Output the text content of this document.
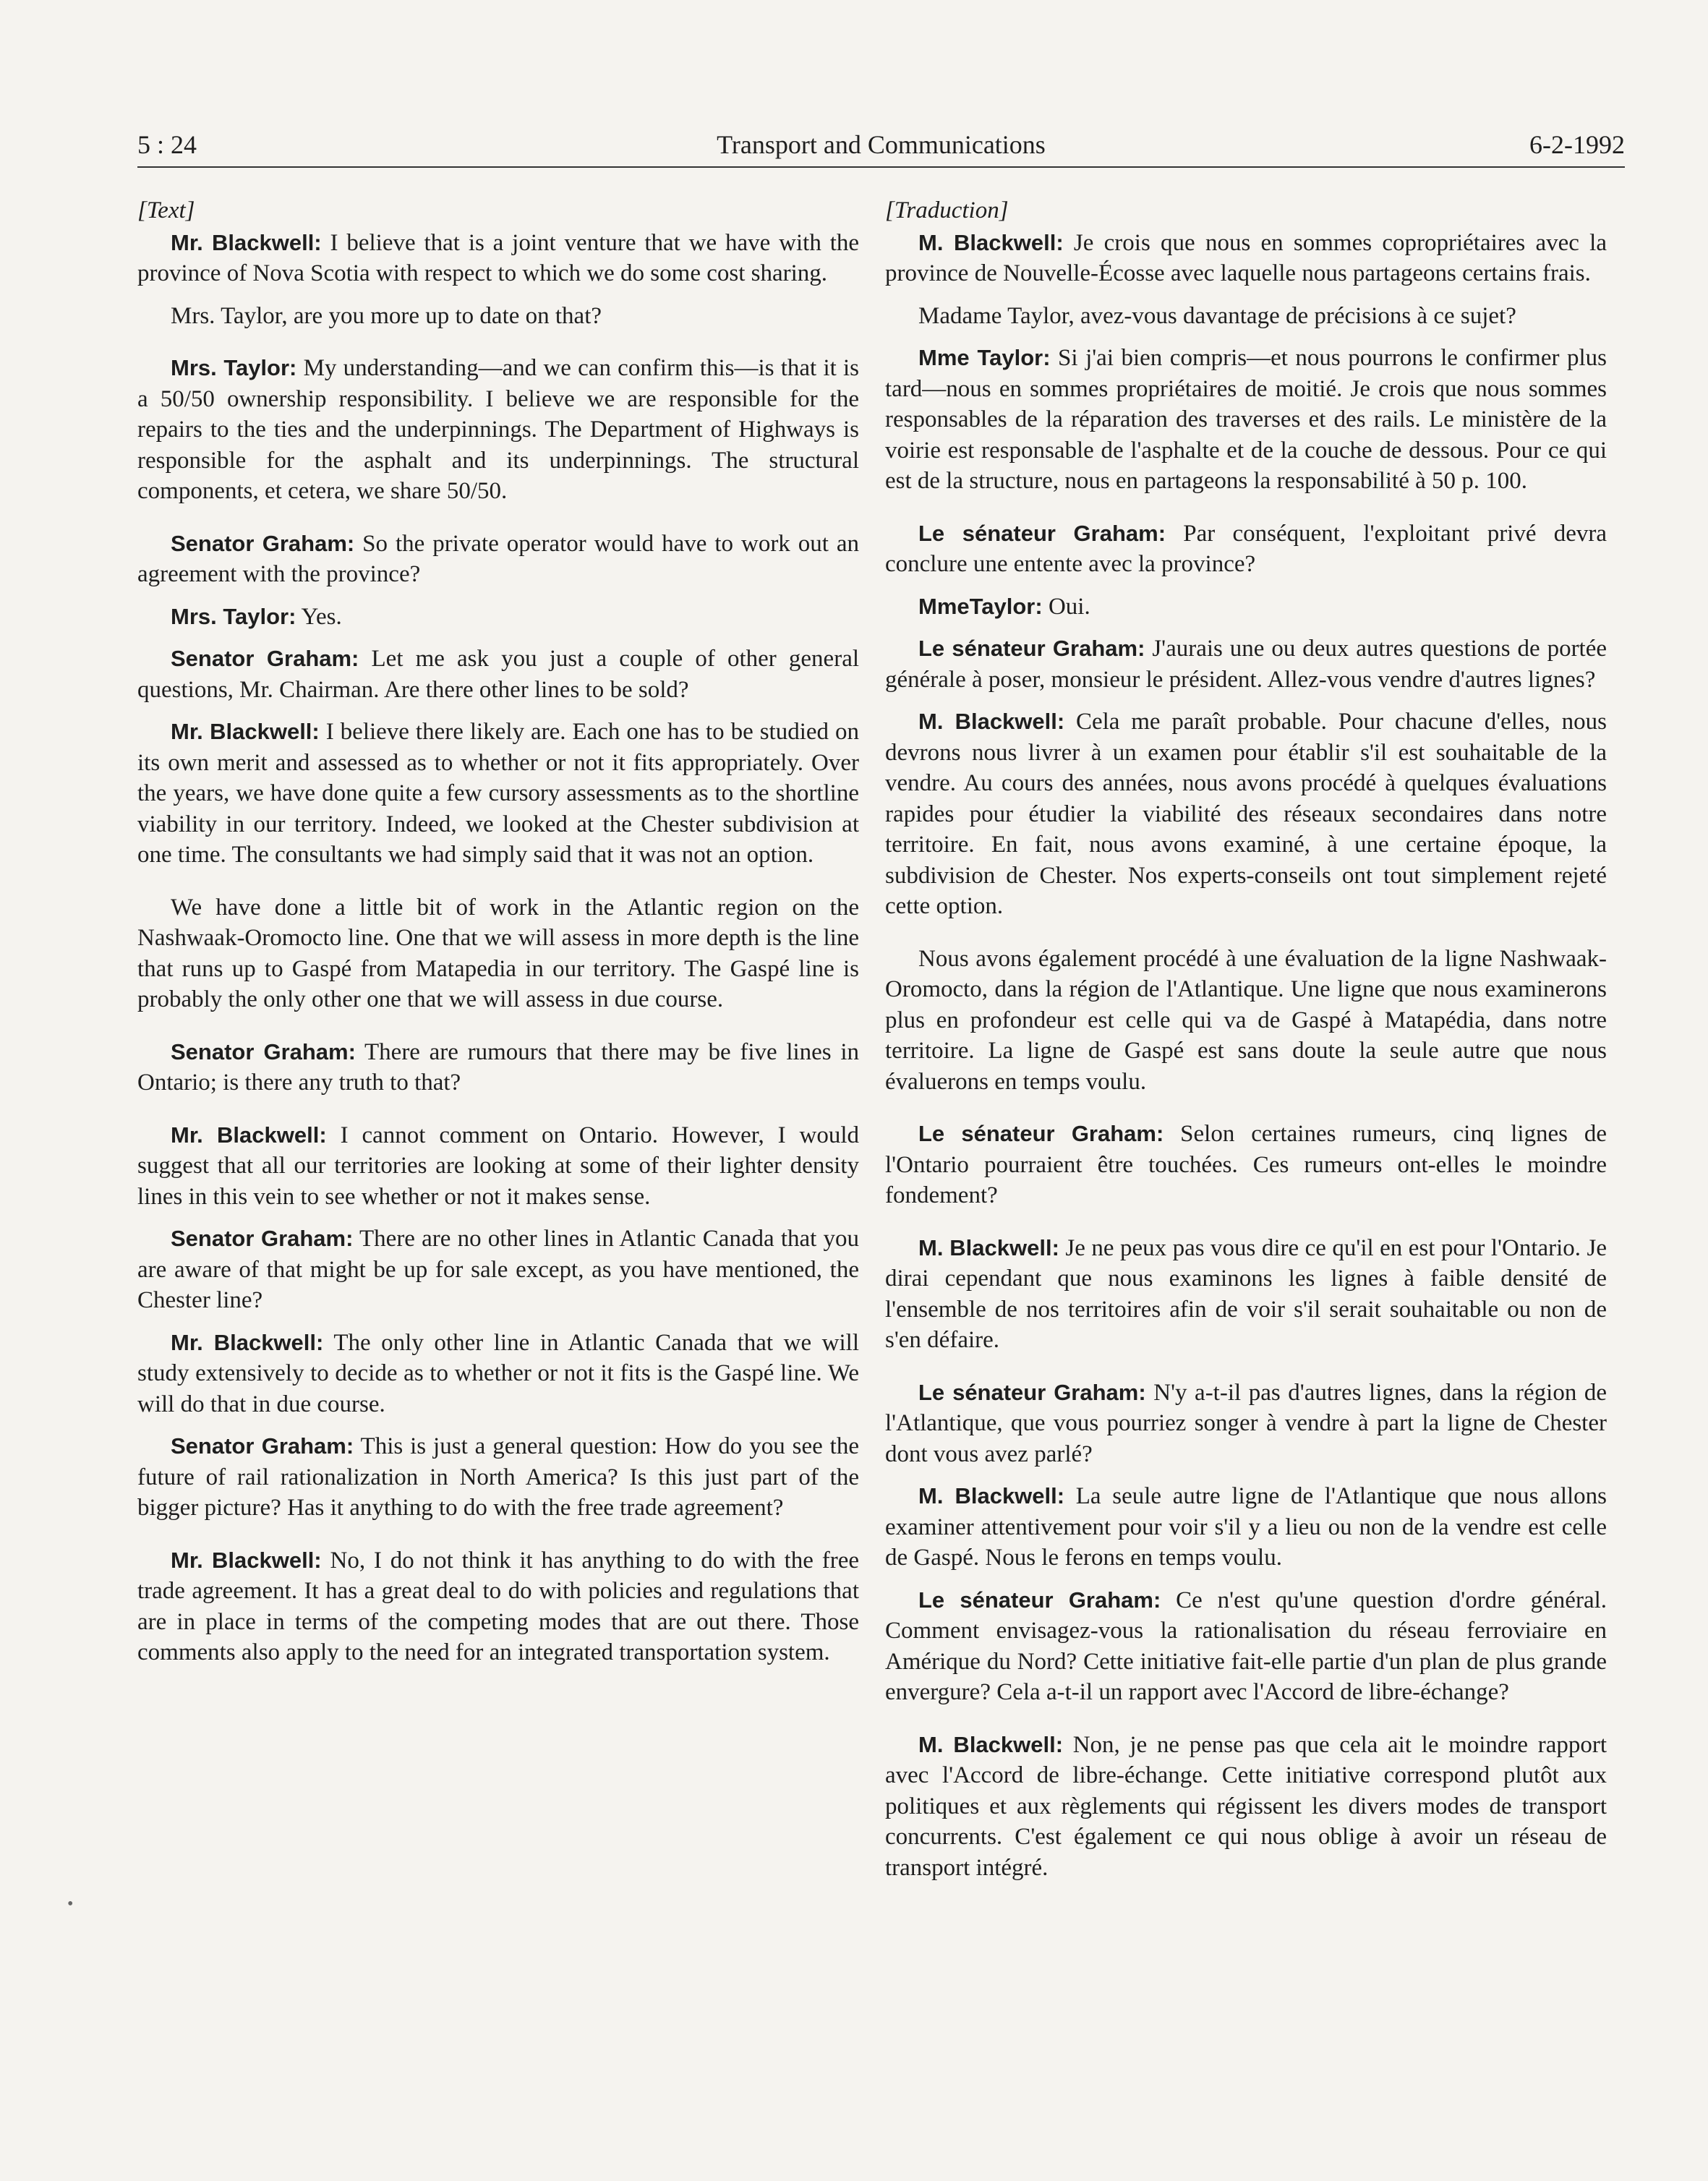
5 : 24	Transport and Communications	6-2-1992
[Text]

Mr. Blackwell: I believe that is a joint venture that we have with the province of Nova Scotia with respect to which we do some cost sharing.

Mrs. Taylor, are you more up to date on that?

Mrs. Taylor: My understanding—and we can confirm this—is that it is a 50/50 ownership responsibility. I believe we are responsible for the repairs to the ties and the underpinnings. The Department of Highways is responsible for the asphalt and its underpinnings. The structural components, et cetera, we share 50/50.

Senator Graham: So the private operator would have to work out an agreement with the province?

Mrs. Taylor: Yes.

Senator Graham: Let me ask you just a couple of other general questions, Mr. Chairman. Are there other lines to be sold?

Mr. Blackwell: I believe there likely are. Each one has to be studied on its own merit and assessed as to whether or not it fits appropriately. Over the years, we have done quite a few cursory assessments as to the shortline viability in our territory. Indeed, we looked at the Chester subdivision at one time. The consultants we had simply said that it was not an option.

We have done a little bit of work in the Atlantic region on the Nashwaak-Oromocto line. One that we will assess in more depth is the line that runs up to Gaspé from Matapedia in our territory. The Gaspé line is probably the only other one that we will assess in due course.

Senator Graham: There are rumours that there may be five lines in Ontario; is there any truth to that?

Mr. Blackwell: I cannot comment on Ontario. However, I would suggest that all our territories are looking at some of their lighter density lines in this vein to see whether or not it makes sense.

Senator Graham: There are no other lines in Atlantic Canada that you are aware of that might be up for sale except, as you have mentioned, the Chester line?

Mr. Blackwell: The only other line in Atlantic Canada that we will study extensively to decide as to whether or not it fits is the Gaspé line. We will do that in due course.

Senator Graham: This is just a general question: How do you see the future of rail rationalization in North America? Is this just part of the bigger picture? Has it anything to do with the free trade agreement?

Mr. Blackwell: No, I do not think it has anything to do with the free trade agreement. It has a great deal to do with policies and regulations that are in place in terms of the competing modes that are out there. Those comments also apply to the need for an integrated transportation system.

[Traduction]

M. Blackwell: Je crois que nous en sommes copropriétaires avec la province de Nouvelle-Écosse avec laquelle nous partageons certains frais.

Madame Taylor, avez-vous davantage de précisions à ce sujet?

Mme Taylor: Si j'ai bien compris—et nous pourrons le confirmer plus tard—nous en sommes propriétaires de moitié. Je crois que nous sommes responsables de la réparation des traverses et des rails. Le ministère de la voirie est responsable de l'asphalte et de la couche de dessous. Pour ce qui est de la structure, nous en partageons la responsabilité à 50 p. 100.

Le sénateur Graham: Par conséquent, l'exploitant privé devra conclure une entente avec la province?

MmeTaylor: Oui.

Le sénateur Graham: J'aurais une ou deux autres questions de portée générale à poser, monsieur le président. Allez-vous vendre d'autres lignes?

M. Blackwell: Cela me paraît probable. Pour chacune d'elles, nous devrons nous livrer à un examen pour établir s'il est souhaitable de la vendre. Au cours des années, nous avons procédé à quelques évaluations rapides pour étudier la viabilité des réseaux secondaires dans notre territoire. En fait, nous avons examiné, à une certaine époque, la subdivision de Chester. Nos experts-conseils ont tout simplement rejeté cette option.

Nous avons également procédé à une évaluation de la ligne Nashwaak-Oromocto, dans la région de l'Atlantique. Une ligne que nous examinerons plus en profondeur est celle qui va de Gaspé à Matapédia, dans notre territoire. La ligne de Gaspé est sans doute la seule autre que nous évaluerons en temps voulu.

Le sénateur Graham: Selon certaines rumeurs, cinq lignes de l'Ontario pourraient être touchées. Ces rumeurs ont-elles le moindre fondement?

M. Blackwell: Je ne peux pas vous dire ce qu'il en est pour l'Ontario. Je dirai cependant que nous examinons les lignes à faible densité de l'ensemble de nos territoires afin de voir s'il serait souhaitable ou non de s'en défaire.

Le sénateur Graham: N'y a-t-il pas d'autres lignes, dans la région de l'Atlantique, que vous pourriez songer à vendre à part la ligne de Chester dont vous avez parlé?

M. Blackwell: La seule autre ligne de l'Atlantique que nous allons examiner attentivement pour voir s'il y a lieu ou non de la vendre est celle de Gaspé. Nous le ferons en temps voulu.

Le sénateur Graham: Ce n'est qu'une question d'ordre général. Comment envisagez-vous la rationalisation du réseau ferroviaire en Amérique du Nord? Cette initiative fait-elle partie d'un plan de plus grande envergure? Cela a-t-il un rapport avec l'Accord de libre-échange?

M. Blackwell: Non, je ne pense pas que cela ait le moindre rapport avec l'Accord de libre-échange. Cette initiative correspond plutôt aux politiques et aux règlements qui régissent les divers modes de transport concurrents. C'est également ce qui nous oblige à avoir un réseau de transport intégré.

•
